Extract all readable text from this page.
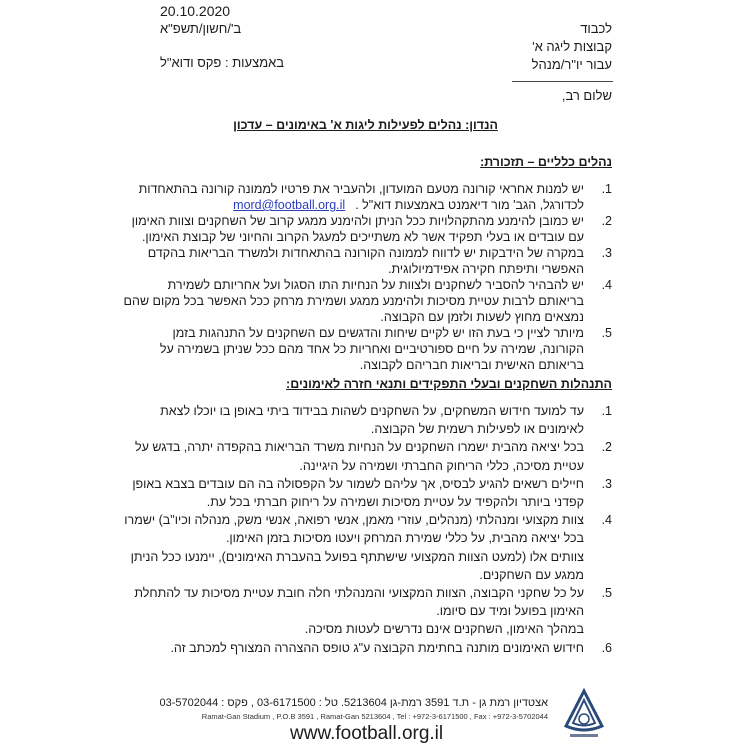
20.10.2020
ב'/חשון/תשפ"א
באמצעות : פקס ודוא"ל
לכבוד
קבוצות ליגה א'
עבור יו"ר/מנהל
שלום רב,
הנדון: נהלים לפעילות ליגות א' באימונים – עדכון
נהלים כלליים – תזכורת:
1.
יש למנות אחראי קורונה מטעם המועדון, ולהעביר את פרטיו לממונה קורונה בהתאחדות
לכדורגל, הגב' מור דיאמנט באמצעות דוא"ל .mord@football.org.il
2.
יש כמובן להימנע מהתקהלויות ככל הניתן ולהימנע ממגע קרוב של השחקנים וצוות האימון
עם עובדים או בעלי תפקיד אשר לא משתייכים למעגל הקרוב והחיוני של קבוצת האימון.
3.
במקרה של הידבקות יש לדווח לממונה הקורונה בהתאחדות ולמשרד הבריאות בהקדם
האפשרי ותיפתח חקירה אפידמיולוגית.
4.
יש להבהיר להסביר לשחקנים ולצוות על הנחיות התו הסגול ועל אחריותם לשמירת
בריאותם לרבות עטיית מסיכות ולהימנע ממגע ושמירת מרחק ככל האפשר בכל מקום שהם
נמצאים מחוץ לשעות ולזמן עם הקבוצה.
5.
מיותר לציין כי בעת הזו יש לקיים שיחות והדגשים עם השחקנים על התנהגות בזמן
הקורונה, שמירה על חיים ספורטיביים ואחריות כל אחד מהם ככל שניתן בשמירה על
בריאותם האישית ובריאות חבריהם לקבוצה.
התנהלות השחקנים ובעלי התפקידים ותנאי חזרה לאימונים:
1.
עד למועד חידוש המשחקים, על השחקנים לשהות בבידוד ביתי באופן בו יוכלו לצאת
לאימונים או לפעילות רשמית של הקבוצה.
2.
בכל יציאה מהבית ישמרו השחקנים על הנחיות משרד הבריאות בהקפדה יתרה, בדגש על
עטיית מסיכה, כללי הריחוק החברתי ושמירה על היגיינה.
3.
חיילים רשאים להגיע לבסיס, אך עליהם לשמור על הקפסולה בה הם עובדים בצבא באופן
קפדני ביותר ולהקפיד על עטיית מסיכות ושמירה על ריחוק חברתי בכל עת.
4.
צוות מקצועי ומנהלתי (מנהלים, עוזרי מאמן, אנשי רפואה, אנשי משק, מנהלה וכיו"ב) ישמרו
בכל יציאה מהבית, על כללי שמירת המרחק ויעטו מסיכות בזמן האימון.
צוותים אלו (למעט הצוות המקצועי שישתתף בפועל בהעברת האימונים), יימנעו ככל הניתן
ממגע עם השחקנים.
5.
על כל שחקני הקבוצה, הצוות המקצועי והמנהלתי חלה חובת עטיית מסיכות עד להתחלת
האימון בפועל ומיד עם סיומו.
במהלך האימון, השחקנים אינם נדרשים לעטות מסיכה.
6.
חידוש האימונים מותנה בחתימת הקבוצה ע"ג טופס ההצהרה המצורף למכתב זה.
אצטדיון רמת גן - ת.ד 3591 רמת-גן 5213604. טל : 03-6171500 , פקס : 03-5702044
Ramat-Gan Stadium , P.O.B 3591 , Ramat-Gan 5213604 , Tel : +972-3-6171500 , Fax : +972-3-5702044
www.football.org.il
